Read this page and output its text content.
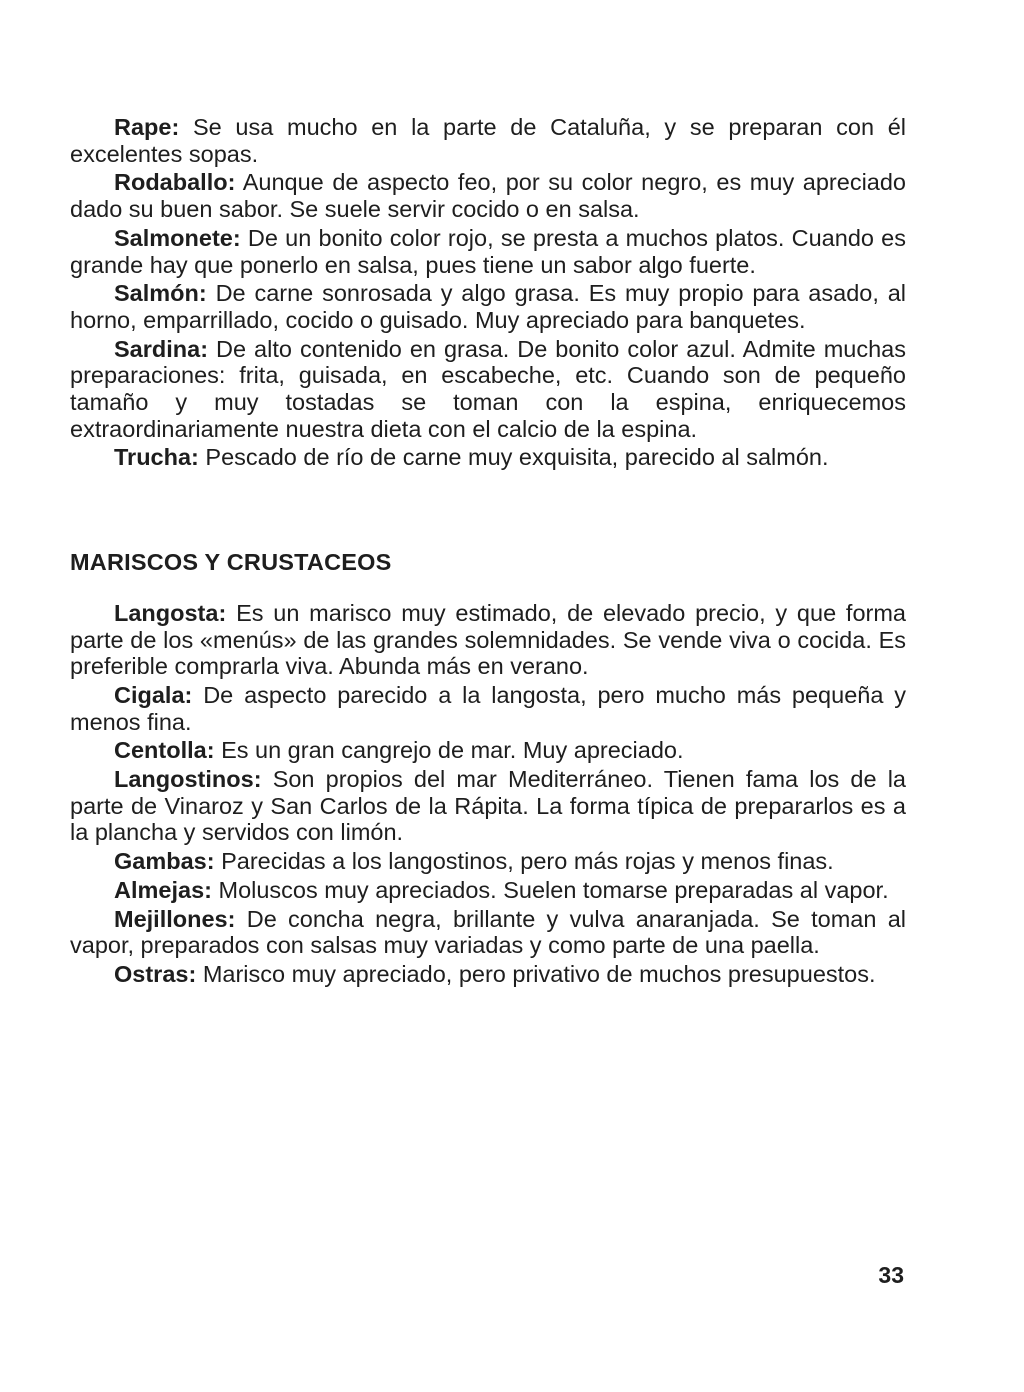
Rape: Se usa mucho en la parte de Cataluña, y se preparan con él excelentes sopas.

Rodaballo: Aunque de aspecto feo, por su color negro, es muy apreciado dado su buen sabor. Se suele servir cocido o en salsa.

Salmonete: De un bonito color rojo, se presta a muchos platos. Cuando es grande hay que ponerlo en salsa, pues tiene un sabor algo fuerte.

Salmón: De carne sonrosada y algo grasa. Es muy propio para asado, al horno, emparrillado, cocido o guisado. Muy apreciado para banquetes.

Sardina: De alto contenido en grasa. De bonito color azul. Admite muchas preparaciones: frita, guisada, en escabeche, etc. Cuando son de pequeño tamaño y muy tostadas se toman con la espina, enriquecemos extraordinariamente nuestra dieta con el calcio de la espina.

Trucha: Pescado de río de carne muy exquisita, parecido al salmón.

MARISCOS Y CRUSTACEOS

Langosta: Es un marisco muy estimado, de elevado precio, y que forma parte de los «menús» de las grandes solemnidades. Se vende viva o cocida. Es preferible comprarla viva. Abunda más en verano.

Cigala: De aspecto parecido a la langosta, pero mucho más pequeña y menos fina.

Centolla: Es un gran cangrejo de mar. Muy apreciado.

Langostinos: Son propios del mar Mediterráneo. Tienen fama los de la parte de Vinaroz y San Carlos de la Rápita. La forma típica de prepararlos es a la plancha y servidos con limón.

Gambas: Parecidas a los langostinos, pero más rojas y menos finas.

Almejas: Moluscos muy apreciados. Suelen tomarse preparadas al vapor.

Mejillones: De concha negra, brillante y vulva anaranjada. Se toman al vapor, preparados con salsas muy variadas y como parte de una paella.

Ostras: Marisco muy apreciado, pero privativo de muchos presupuestos.

33
